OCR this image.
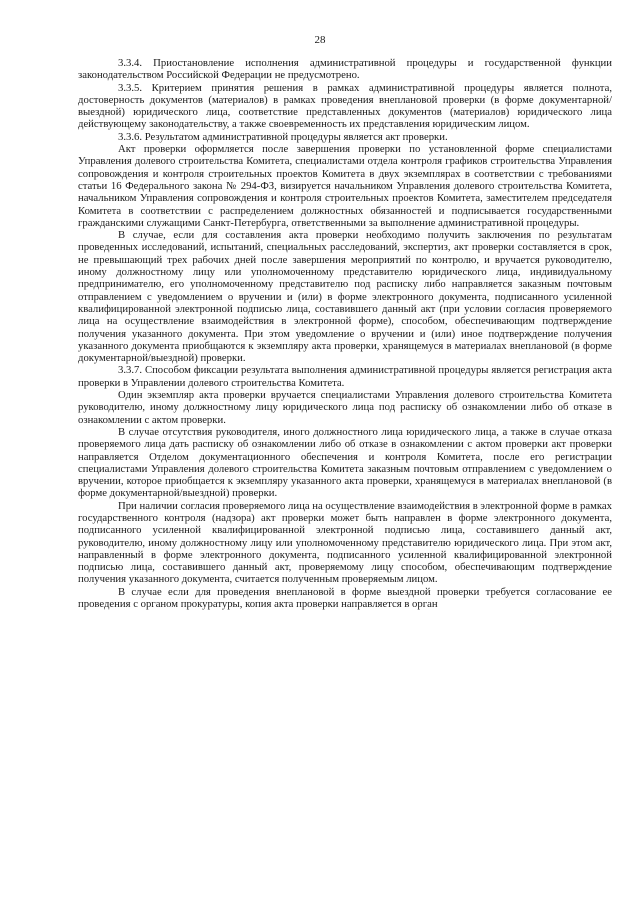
28

3.3.4. Приостановление исполнения административной процедуры и государственной функции законодательством Российской Федерации не предусмотрено.

3.3.5. Критерием принятия решения в рамках административной процедуры является полнота, достоверность документов (материалов) в рамках проведения внеплановой проверки (в форме документарной/выездной) юридического лица, соответствие представленных документов (материалов) юридического лица действующему законодательству, а также своевременность их представления юридическим лицом.

3.3.6. Результатом административной процедуры является акт проверки.

Акт проверки оформляется после завершения проверки по установленной форме специалистами Управления долевого строительства Комитета, специалистами отдела контроля графиков строительства Управления сопровождения и контроля строительных проектов Комитета в двух экземплярах в соответствии с требованиями статьи 16 Федерального закона № 294-ФЗ, визируется начальником Управления долевого строительства Комитета, начальником Управления сопровождения и контроля строительных проектов Комитета, заместителем председателя Комитета в соответствии с распределением должностных обязанностей и подписывается государственными гражданскими служащими Санкт-Петербурга, ответственными за выполнение административной процедуры.

В случае, если для составления акта проверки необходимо получить заключения по результатам проведенных исследований, испытаний, специальных расследований, экспертиз, акт проверки составляется в срок, не превышающий трех рабочих дней после завершения мероприятий по контролю, и вручается руководителю, иному должностному лицу или уполномоченному представителю юридического лица, индивидуальному предпринимателю, его уполномоченному представителю под расписку либо направляется заказным почтовым отправлением с уведомлением о вручении и (или) в форме электронного документа, подписанного усиленной квалифицированной электронной подписью лица, составившего данный акт (при условии согласия проверяемого лица на осуществление взаимодействия в электронной форме), способом, обеспечивающим подтверждение получения указанного документа. При этом уведомление о вручении и (или) иное подтверждение получения указанного документа приобщаются к экземпляру акта проверки, хранящемуся в материалах внеплановой (в форме документарной/выездной) проверки.

3.3.7. Способом фиксации результата выполнения административной процедуры является регистрация акта проверки в Управлении долевого строительства Комитета.

Один экземпляр акта проверки вручается специалистами Управления долевого строительства Комитета руководителю, иному должностному лицу юридического лица под расписку об ознакомлении либо об отказе в ознакомлении с актом проверки.

В случае отсутствия руководителя, иного должностного лица юридического лица, а также в случае отказа проверяемого лица дать расписку об ознакомлении либо об отказе в ознакомлении с актом проверки акт проверки направляется Отделом документационного обеспечения и контроля Комитета, после его регистрации специалистами Управления долевого строительства Комитета заказным почтовым отправлением с уведомлением о вручении, которое приобщается к экземпляру указанного акта проверки, хранящемуся в материалах внеплановой (в форме документарной/выездной) проверки.

При наличии согласия проверяемого лица на осуществление взаимодействия в электронной форме в рамках государственного контроля (надзора) акт проверки может быть направлен в форме электронного документа, подписанного усиленной квалифицированной электронной подписью лица, составившего данный акт, руководителю, иному должностному лицу или уполномоченному представителю юридического лица. При этом акт, направленный в форме электронного документа, подписанного усиленной квалифицированной электронной подписью лица, составившего данный акт, проверяемому лицу способом, обеспечивающим подтверждение получения указанного документа, считается полученным проверяемым лицом.

В случае если для проведения внеплановой в форме выездной проверки требуется согласование ее проведения с органом прокуратуры, копия акта проверки направляется в орган
